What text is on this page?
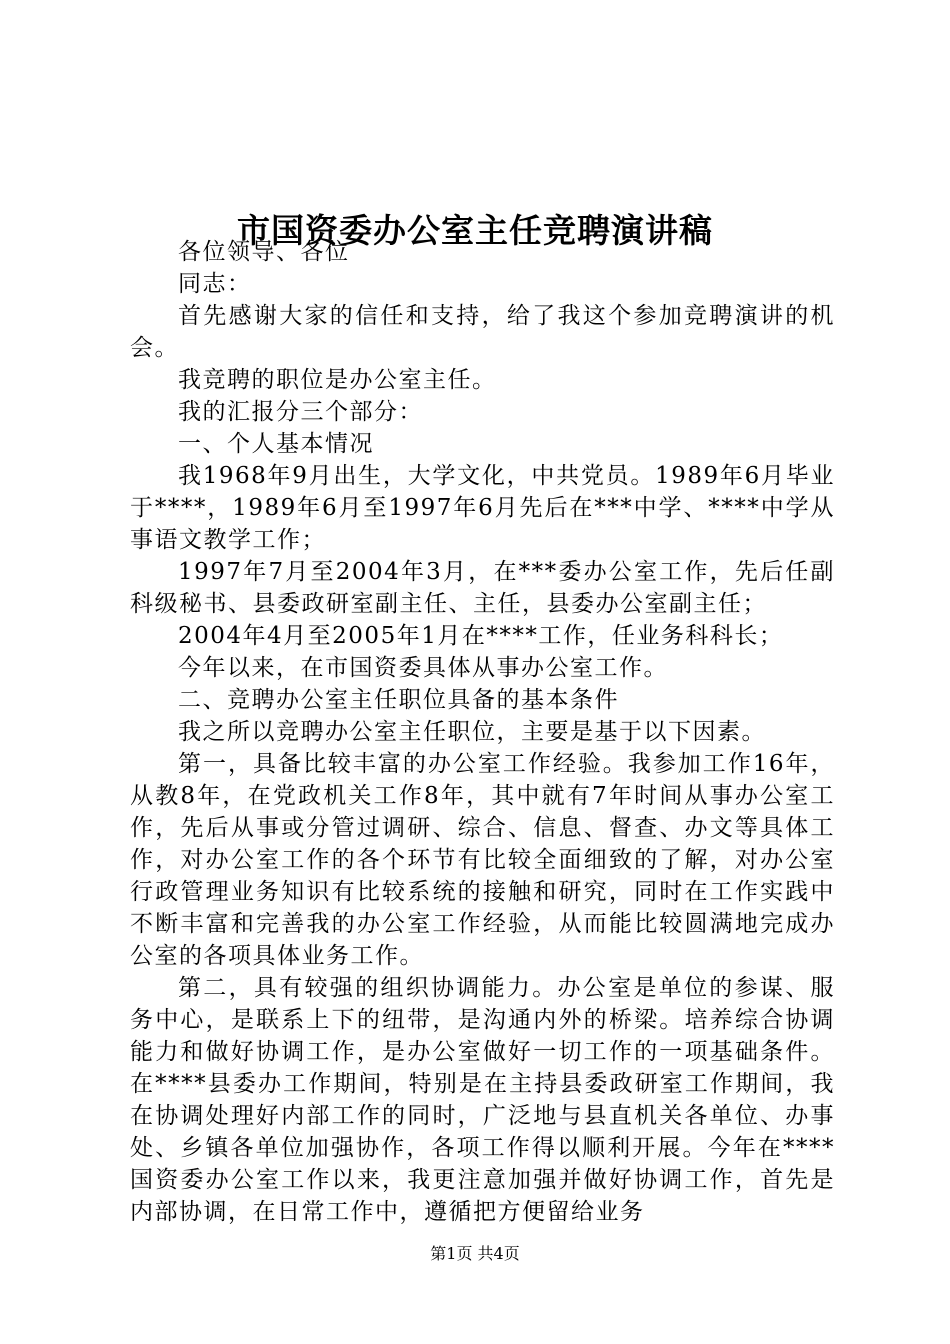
市国资委办公室主任竞聘演讲稿

各位领导、各位

同志：

首先感谢大家的信任和支持，给了我这个参加竞聘演讲的机会。

我竞聘的职位是办公室主任。

我的汇报分三个部分：

一、个人基本情况

我1968年9月出生，大学文化，中共党员。1989年6月毕业于****，1989年6月至1997年6月先后在***中学、****中学从事语文教学工作；

1997年7月至2004年3月，在***委办公室工作，先后任副科级秘书、县委政研室副主任、主任，县委办公室副主任；

2004年4月至2005年1月在****工作，任业务科科长；

今年以来，在市国资委具体从事办公室工作。

二、竞聘办公室主任职位具备的基本条件

我之所以竞聘办公室主任职位，主要是基于以下因素。

第一，具备比较丰富的办公室工作经验。我参加工作16年，从教8年，在党政机关工作8年，其中就有7年时间从事办公室工作，先后从事或分管过调研、综合、信息、督查、办文等具体工作，对办公室工作的各个环节有比较全面细致的了解，对办公室行政管理业务知识有比较系统的接触和研究，同时在工作实践中不断丰富和完善我的办公室工作经验，从而能比较圆满地完成办公室的各项具体业务工作。

第二，具有较强的组织协调能力。办公室是单位的参谋、服务中心，是联系上下的纽带，是沟通内外的桥梁。培养综合协调能力和做好协调工作，是办公室做好一切工作的一项基础条件。在****县委办工作期间，特别是在主持县委政研室工作期间，我在协调处理好内部工作的同时，广泛地与县直机关各单位、办事处、乡镇各单位加强协作，各项工作得以顺利开展。今年在****国资委办公室工作以来，我更注意加强并做好协调工作，首先是内部协调，在日常工作中，遵循把方便留给业务

第1页 共4页
